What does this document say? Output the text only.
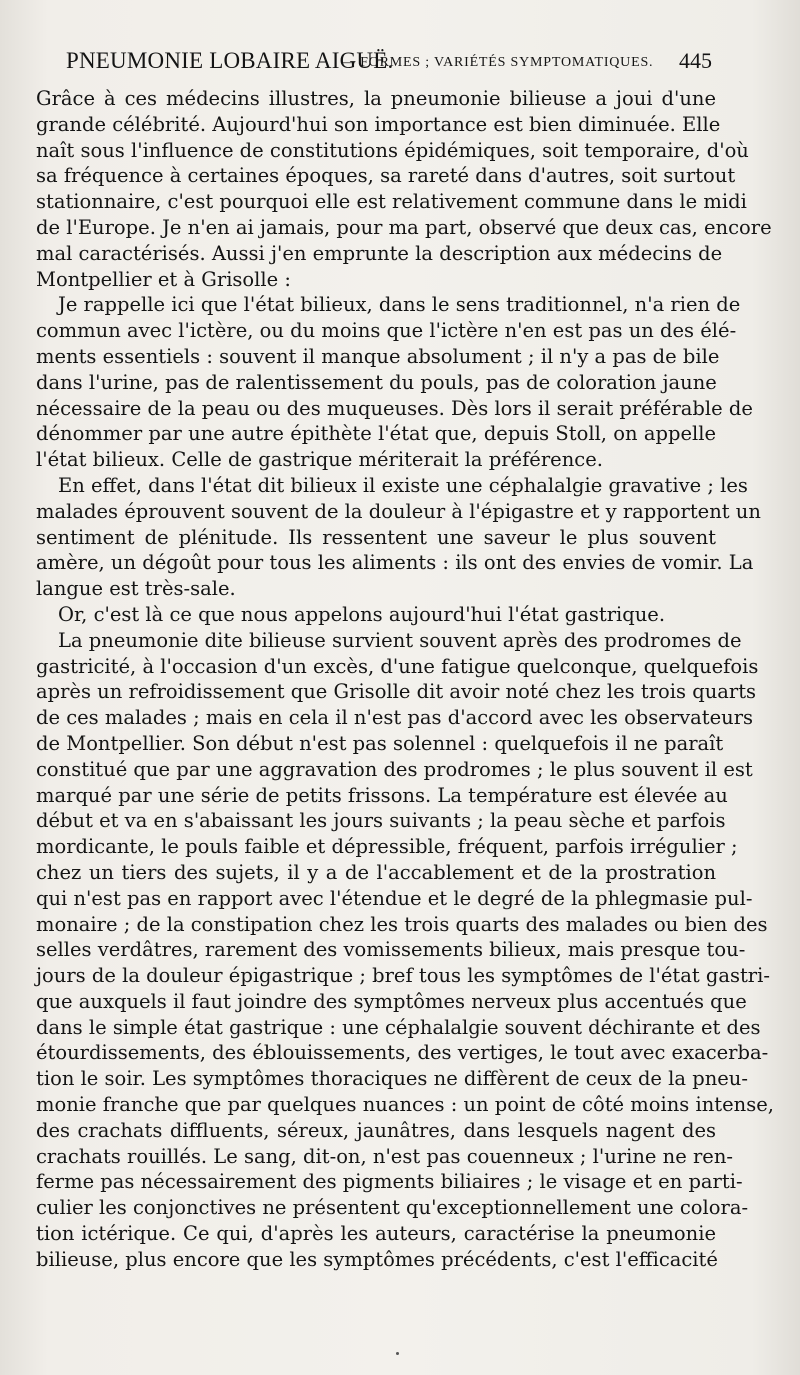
PNEUMONIE LOBAIRE AIGUË.
— FORMES ; VARIÉTÉS SYMPTOMATIQUES. 445
Grâce à ces médecins illustres, la pneumonie bilieuse a joui d'une
grande célébrité. Aujourd'hui son importance est bien diminuée. Elle
naît sous l'influence de constitutions épidémiques, soit temporaire, d'où
sa fréquence à certaines époques, sa rareté dans d'autres, soit surtout
stationnaire, c'est pourquoi elle est relativement commune dans le midi
de l'Europe. Je n'en ai jamais, pour ma part, observé que deux cas, encore
mal caractérisés. Aussi j'en emprunte la description aux médecins de
Montpellier et à Grisolle :
Je rappelle ici que l'état bilieux, dans le sens traditionnel, n'a rien de
commun avec l'ictère, ou du moins que l'ictère n'en est pas un des élé-
ments essentiels : souvent il manque absolument ; il n'y a pas de bile
dans l'urine, pas de ralentissement du pouls, pas de coloration jaune
nécessaire de la peau ou des muqueuses. Dès lors il serait préférable de
dénommer par une autre épithète l'état que, depuis Stoll, on appelle
l'état bilieux. Celle de gastrique mériterait la préférence.
En effet, dans l'état dit bilieux il existe une céphalalgie gravative ; les
malades éprouvent souvent de la douleur à l'épigastre et y rapportent un
sentiment de plénitude. Ils ressentent une saveur le plus souvent
amère, un dégoût pour tous les aliments : ils ont des envies de vomir. La
langue est très-sale.
Or, c'est là ce que nous appelons aujourd'hui l'état gastrique.
La pneumonie dite bilieuse survient souvent après des prodromes de
gastricité, à l'occasion d'un excès, d'une fatigue quelconque, quelquefois
après un refroidissement que Grisolle dit avoir noté chez les trois quarts
de ces malades ; mais en cela il n'est pas d'accord avec les observateurs
de Montpellier. Son début n'est pas solennel : quelquefois il ne paraît
constitué que par une aggravation des prodromes ; le plus souvent il est
marqué par une série de petits frissons. La température est élevée au
début et va en s'abaissant les jours suivants ; la peau sèche et parfois
mordicante, le pouls faible et dépressible, fréquent, parfois irrégulier ;
chez un tiers des sujets, il y a de l'accablement et de la prostration
qui n'est pas en rapport avec l'étendue et le degré de la phlegmasie pul-
monaire ; de la constipation chez les trois quarts des malades ou bien des
selles verdâtres, rarement des vomissements bilieux, mais presque tou-
jours de la douleur épigastrique ; bref tous les symptômes de l'état gastri-
que auxquels il faut joindre des symptômes nerveux plus accentués que
dans le simple état gastrique : une céphalalgie souvent déchirante et des
étourdissements, des éblouissements, des vertiges, le tout avec exacerba-
tion le soir. Les symptômes thoraciques ne diffèrent de ceux de la pneu-
monie franche que par quelques nuances : un point de côté moins intense,
des crachats diffluents, séreux, jaunâtres, dans lesquels nagent des
crachats rouillés. Le sang, dit-on, n'est pas couenneux ; l'urine ne ren-
ferme pas nécessairement des pigments biliaires ; le visage et en parti-
culier les conjonctives ne présentent qu'exceptionnellement une colora-
tion ictérique. Ce qui, d'après les auteurs, caractérise la pneumonie
bilieuse, plus encore que les symptômes précédents, c'est l'efficacité
